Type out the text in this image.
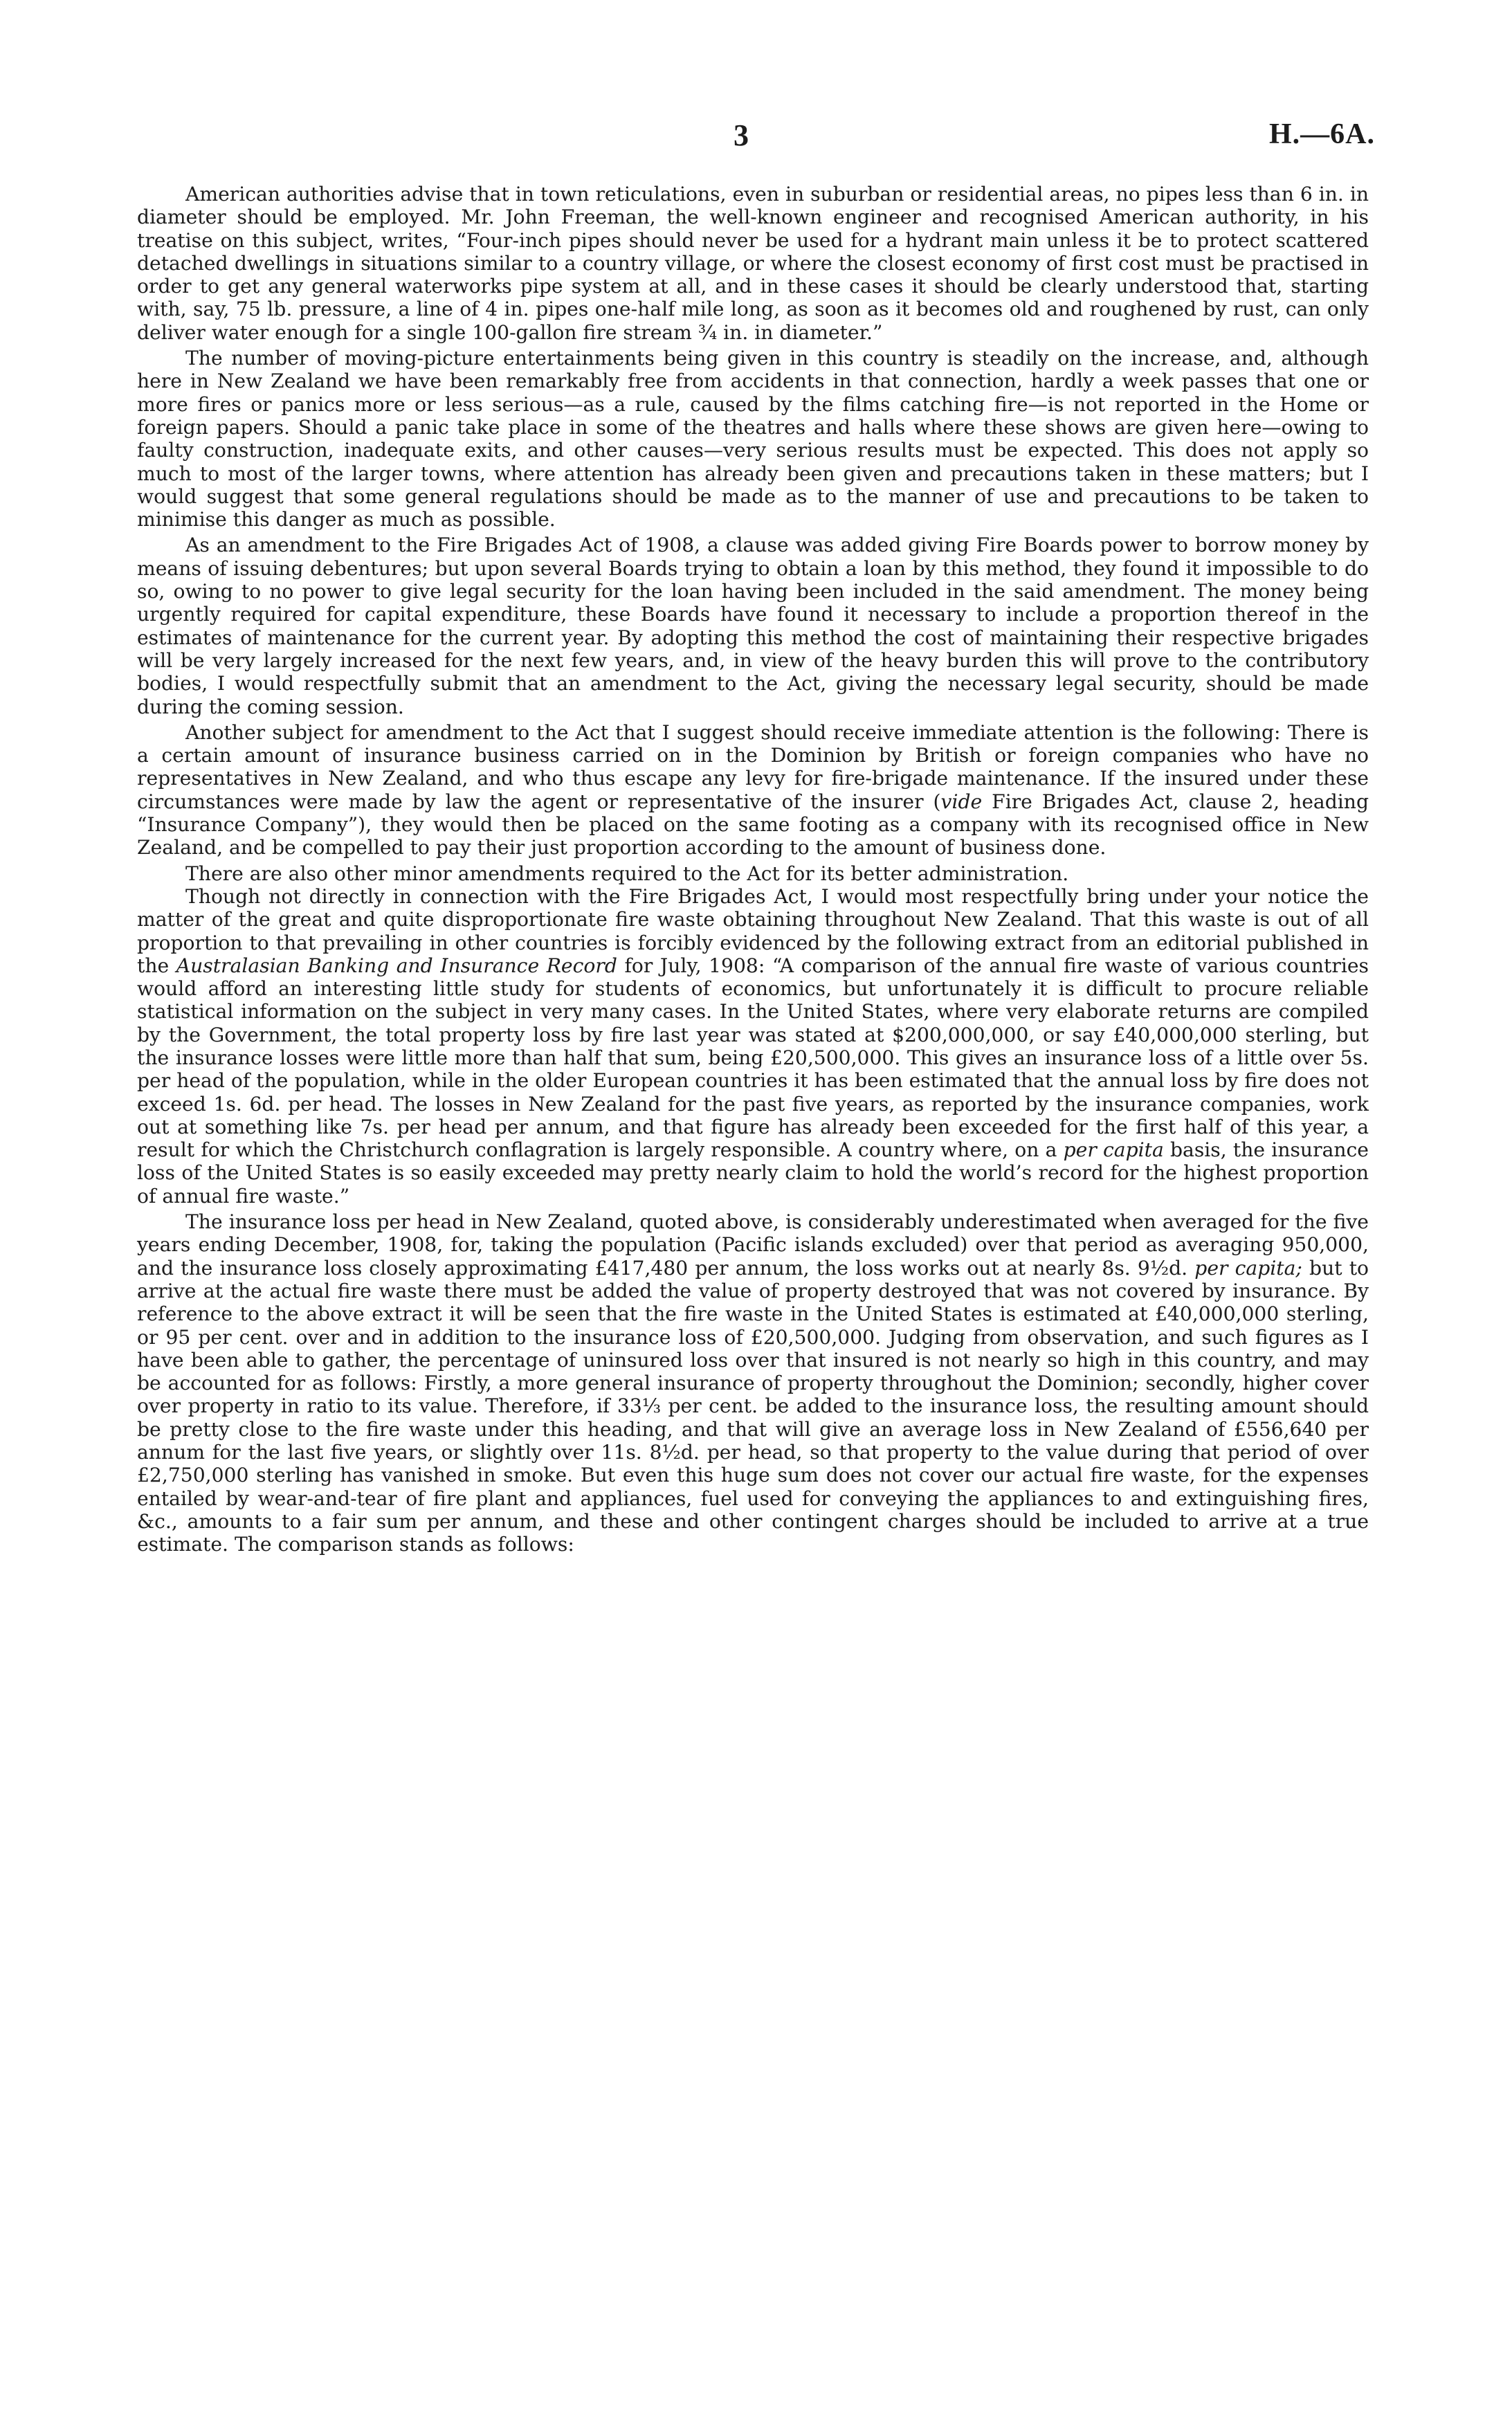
3	H.—6A.

American authorities advise that in town reticulations, even in suburban or residential areas, no pipes less than 6 in. in diameter should be employed. Mr. John Freeman, the well-known engineer and recognised American authority, in his treatise on this subject, writes, “Four-inch pipes should never be used for a hydrant main unless it be to protect scattered detached dwellings in situations similar to a country village, or where the closest economy of first cost must be practised in order to get any general waterworks pipe system at all, and in these cases it should be clearly understood that, starting with, say, 75 lb. pressure, a line of 4 in. pipes one-half mile long, as soon as it becomes old and roughened by rust, can only deliver water enough for a single 100-gallon fire stream ¾ in. in diameter.”

The number of moving-picture entertainments being given in this country is steadily on the increase, and, although here in New Zealand we have been remarkably free from accidents in that connection, hardly a week passes that one or more fires or panics more or less serious—as a rule, caused by the films catching fire—is not reported in the Home or foreign papers. Should a panic take place in some of the theatres and halls where these shows are given here—owing to faulty construction, inadequate exits, and other causes—very serious results must be expected. This does not apply so much to most of the larger towns, where attention has already been given and precautions taken in these matters; but I would suggest that some general regulations should be made as to the manner of use and precautions to be taken to minimise this danger as much as possible.

As an amendment to the Fire Brigades Act of 1908, a clause was added giving Fire Boards power to borrow money by means of issuing debentures; but upon several Boards trying to obtain a loan by this method, they found it impossible to do so, owing to no power to give legal security for the loan having been included in the said amendment. The money being urgently required for capital expenditure, these Boards have found it necessary to include a proportion thereof in the estimates of maintenance for the current year. By adopting this method the cost of maintaining their respective brigades will be very largely increased for the next few years, and, in view of the heavy burden this will prove to the contributory bodies, I would respectfully submit that an amendment to the Act, giving the necessary legal security, should be made during the coming session.

Another subject for amendment to the Act that I suggest should receive immediate attention is the following: There is a certain amount of insurance business carried on in the Dominion by British or foreign companies who have no representatives in New Zealand, and who thus escape any levy for fire-brigade maintenance. If the insured under these circumstances were made by law the agent or representative of the insurer (vide Fire Brigades Act, clause 2, heading “Insurance Company”), they would then be placed on the same footing as a company with its recognised office in New Zealand, and be compelled to pay their just proportion according to the amount of business done.

There are also other minor amendments required to the Act for its better administration.

Though not directly in connection with the Fire Brigades Act, I would most respectfully bring under your notice the matter of the great and quite disproportionate fire waste obtaining throughout New Zealand. That this waste is out of all proportion to that prevailing in other countries is forcibly evidenced by the following extract from an editorial published in the Australasian Banking and Insurance Record for July, 1908: “A comparison of the annual fire waste of various countries would afford an interesting little study for students of economics, but unfortunately it is difficult to procure reliable statistical information on the subject in very many cases. In the United States, where very elaborate returns are compiled by the Government, the total property loss by fire last year was stated at $200,000,000, or say £40,000,000 sterling, but the insurance losses were little more than half that sum, being £20,500,000. This gives an insurance loss of a little over 5s. per head of the population, while in the older European countries it has been estimated that the annual loss by fire does not exceed 1s. 6d. per head. The losses in New Zealand for the past five years, as reported by the insurance companies, work out at something like 7s. per head per annum, and that figure has already been exceeded for the first half of this year, a result for which the Christchurch conflagration is largely responsible. A country where, on a per capita basis, the insurance loss of the United States is so easily exceeded may pretty nearly claim to hold the world’s record for the highest proportion of annual fire waste.”

The insurance loss per head in New Zealand, quoted above, is considerably underestimated when averaged for the five years ending December, 1908, for, taking the population (Pacific islands excluded) over that period as averaging 950,000, and the insurance loss closely approximating £417,480 per annum, the loss works out at nearly 8s. 9½d. per capita; but to arrive at the actual fire waste there must be added the value of property destroyed that was not covered by insurance. By reference to the above extract it will be seen that the fire waste in the United States is estimated at £40,000,000 sterling, or 95 per cent. over and in addition to the insurance loss of £20,500,000. Judging from observation, and such figures as I have been able to gather, the percentage of uninsured loss over that insured is not nearly so high in this country, and may be accounted for as follows: Firstly, a more general insurance of property throughout the Dominion; secondly, higher cover over property in ratio to its value. Therefore, if 33⅓ per cent. be added to the insurance loss, the resulting amount should be pretty close to the fire waste under this heading, and that will give an average loss in New Zealand of £556,640 per annum for the last five years, or slightly over 11s. 8½d. per head, so that property to the value during that period of over £2,750,000 sterling has vanished in smoke. But even this huge sum does not cover our actual fire waste, for the expenses entailed by wear-and-tear of fire plant and appliances, fuel used for conveying the appliances to and extinguishing fires, &c., amounts to a fair sum per annum, and these and other contingent charges should be included to arrive at a true estimate. The comparison stands as follows:
